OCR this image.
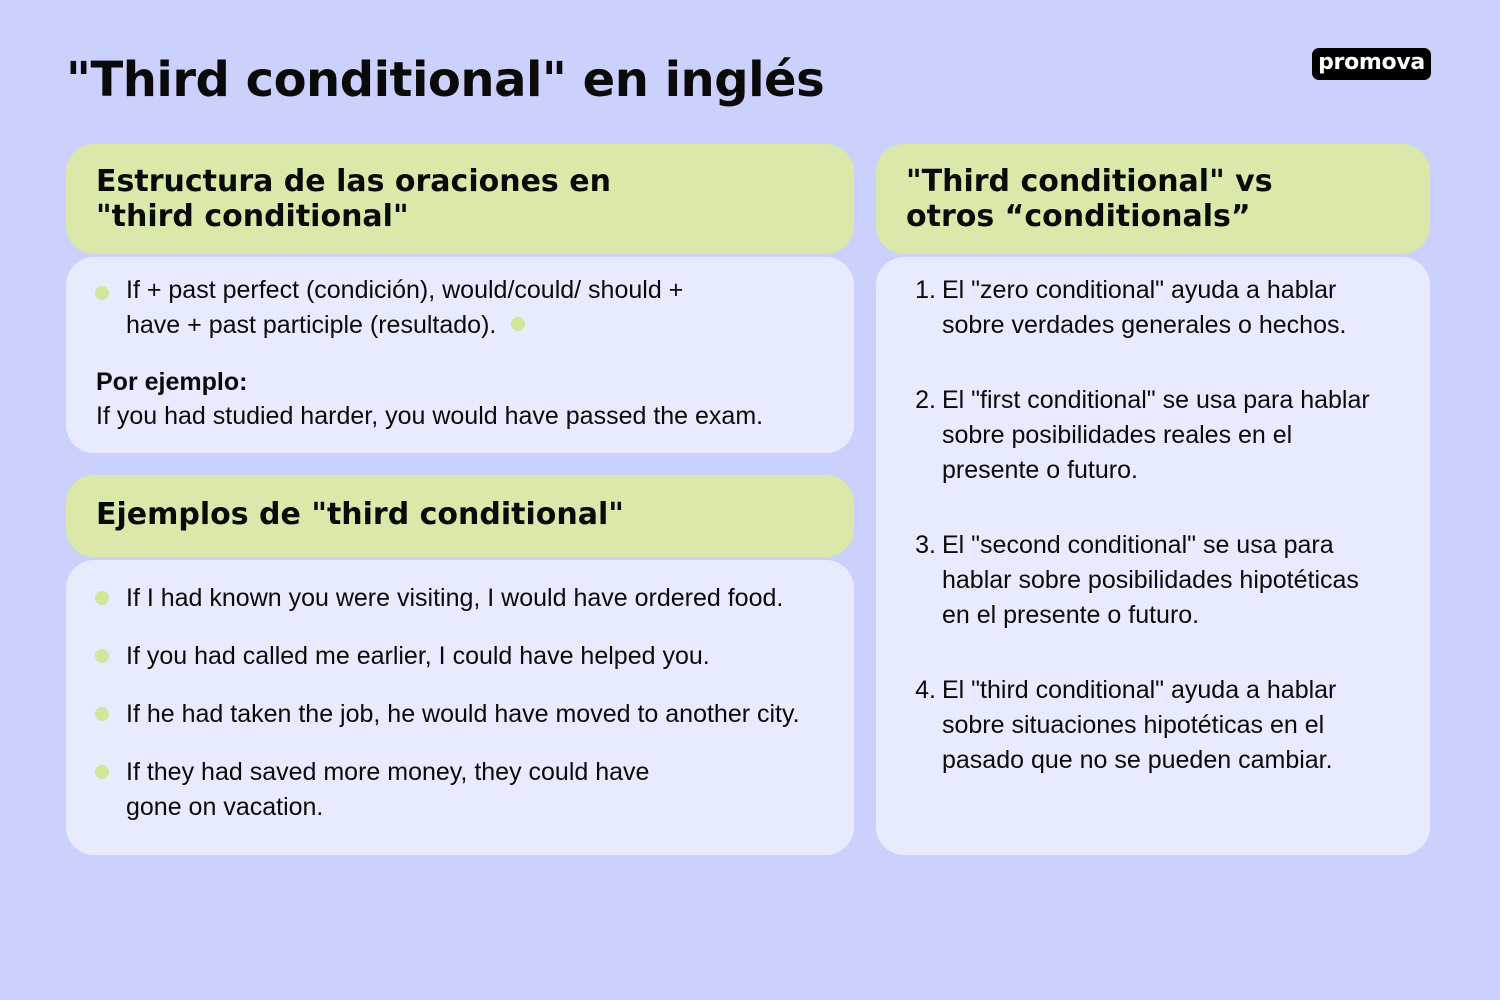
"Third conditional" en inglés	promova
Estructura de las oraciones en
"third conditional"
If + past perfect (condición), would/could/ should + have + past participle (resultado).
Por ejemplo:
If you had studied harder, you would have passed the exam.
Ejemplos de "third conditional"
If I had known you were visiting, I would have ordered food.
If you had called me earlier, I could have helped you.
If he had taken the job, he would have moved to another city.
If they had saved more money, they could have gone on vacation.
"Third conditional" vs
otros “conditionals”
1. El "zero conditional" ayuda a hablar sobre verdades generales o hechos.
2. El "first conditional" se usa para hablar sobre posibilidades reales en el presente o futuro.
3. El "second conditional" se usa para hablar sobre posibilidades hipotéticas en el presente o futuro.
4. El "third conditional" ayuda a hablar sobre situaciones hipotéticas en el pasado que no se pueden cambiar.
